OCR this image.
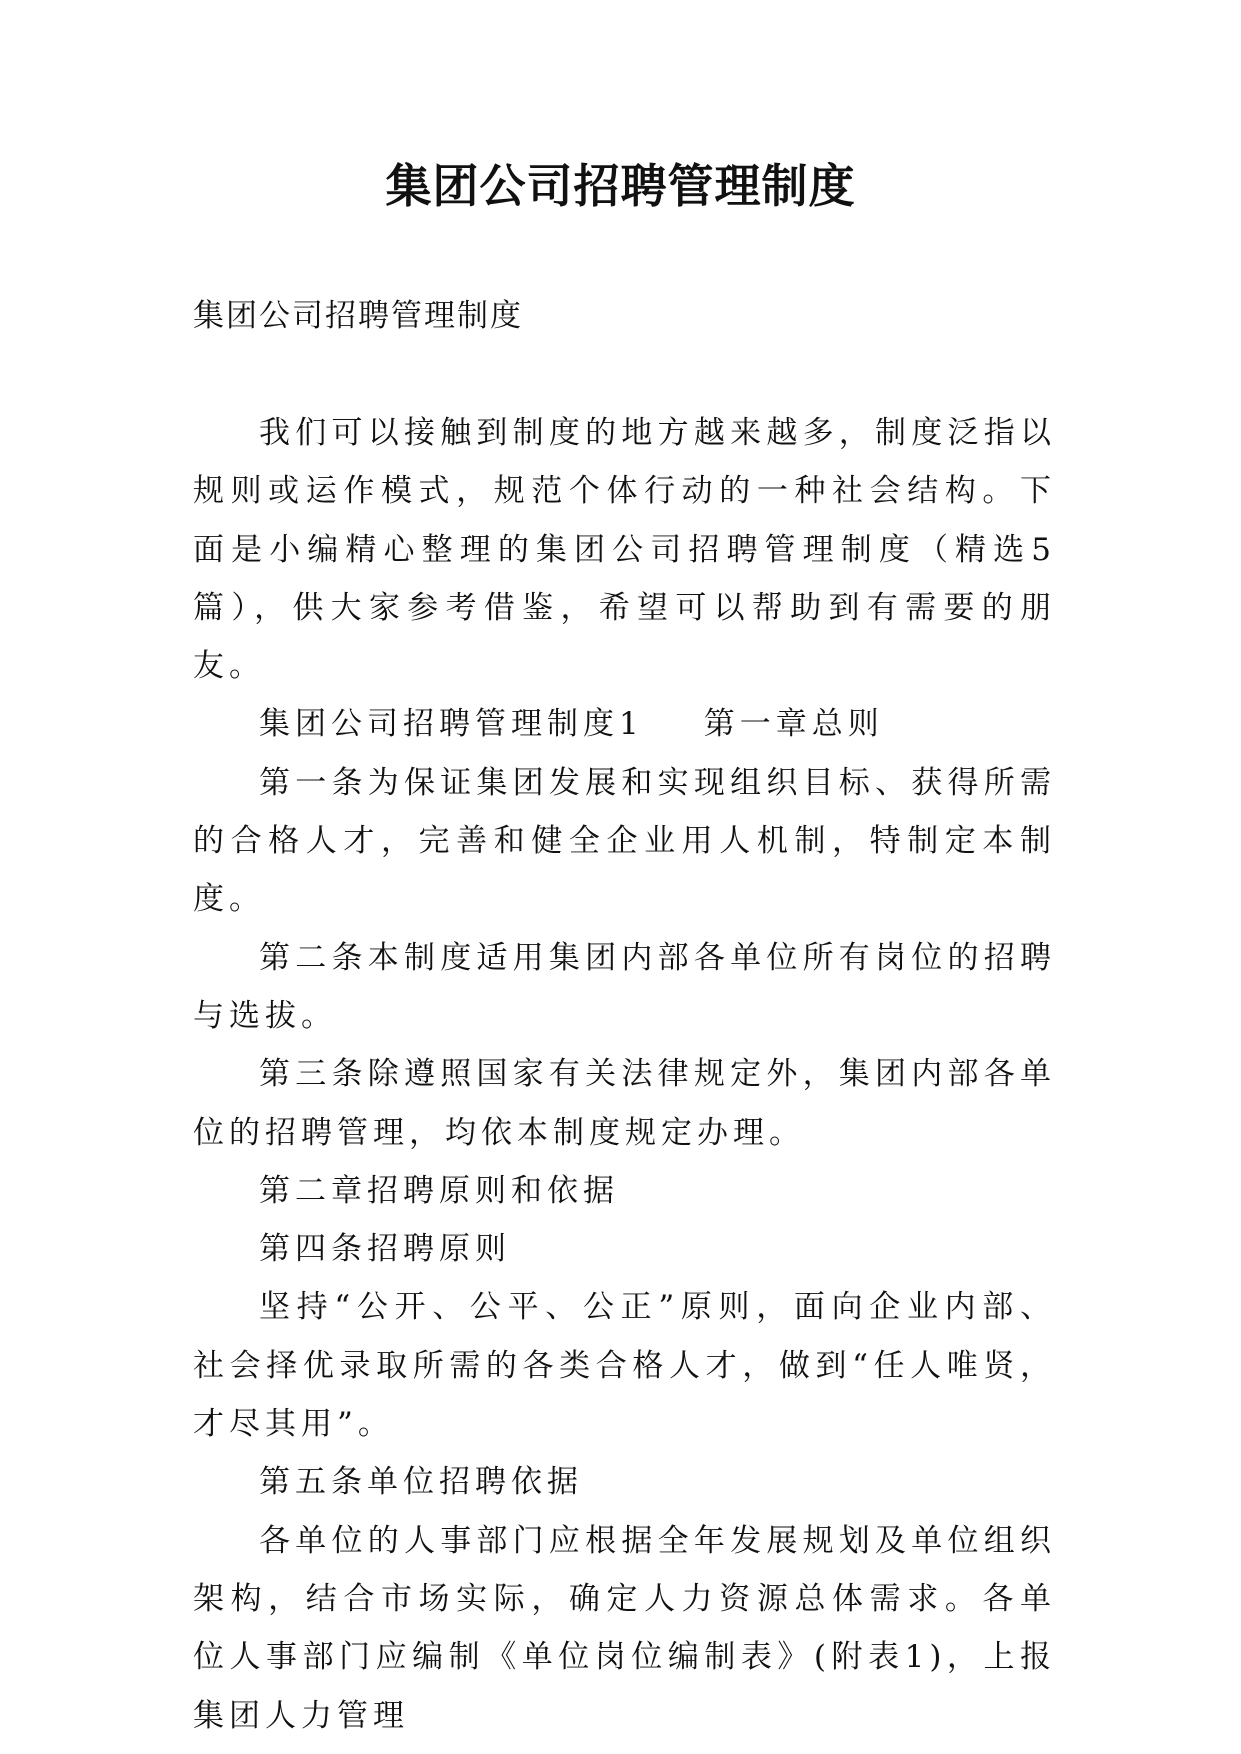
集团公司招聘管理制度
集团公司招聘管理制度

我们可以接触到制度的地方越来越多，制度泛指以规则或运作模式，规范个体行动的一种社会结构。下面是小编精心整理的集团公司招聘管理制度（精选5篇），供大家参考借鉴，希望可以帮助到有需要的朋友。

集团公司招聘管理制度1 第一章总则

第一条为保证集团发展和实现组织目标、获得所需的合格人才，完善和健全企业用人机制，特制定本制度。

第二条本制度适用集团内部各单位所有岗位的招聘与选拔。

第三条除遵照国家有关法律规定外，集团内部各单位的招聘管理，均依本制度规定办理。

第二章招聘原则和依据

第四条招聘原则

坚持“公开、公平、公正”原则，面向企业内部、社会择优录取所需的各类合格人才，做到“任人唯贤，才尽其用”。

第五条单位招聘依据

各单位的人事部门应根据全年发展规划及单位组织架构，结合市场实际，确定人力资源总体需求。各单位人事部门应编制《单位岗位编制表》(附表1)，上报集团人力管理
